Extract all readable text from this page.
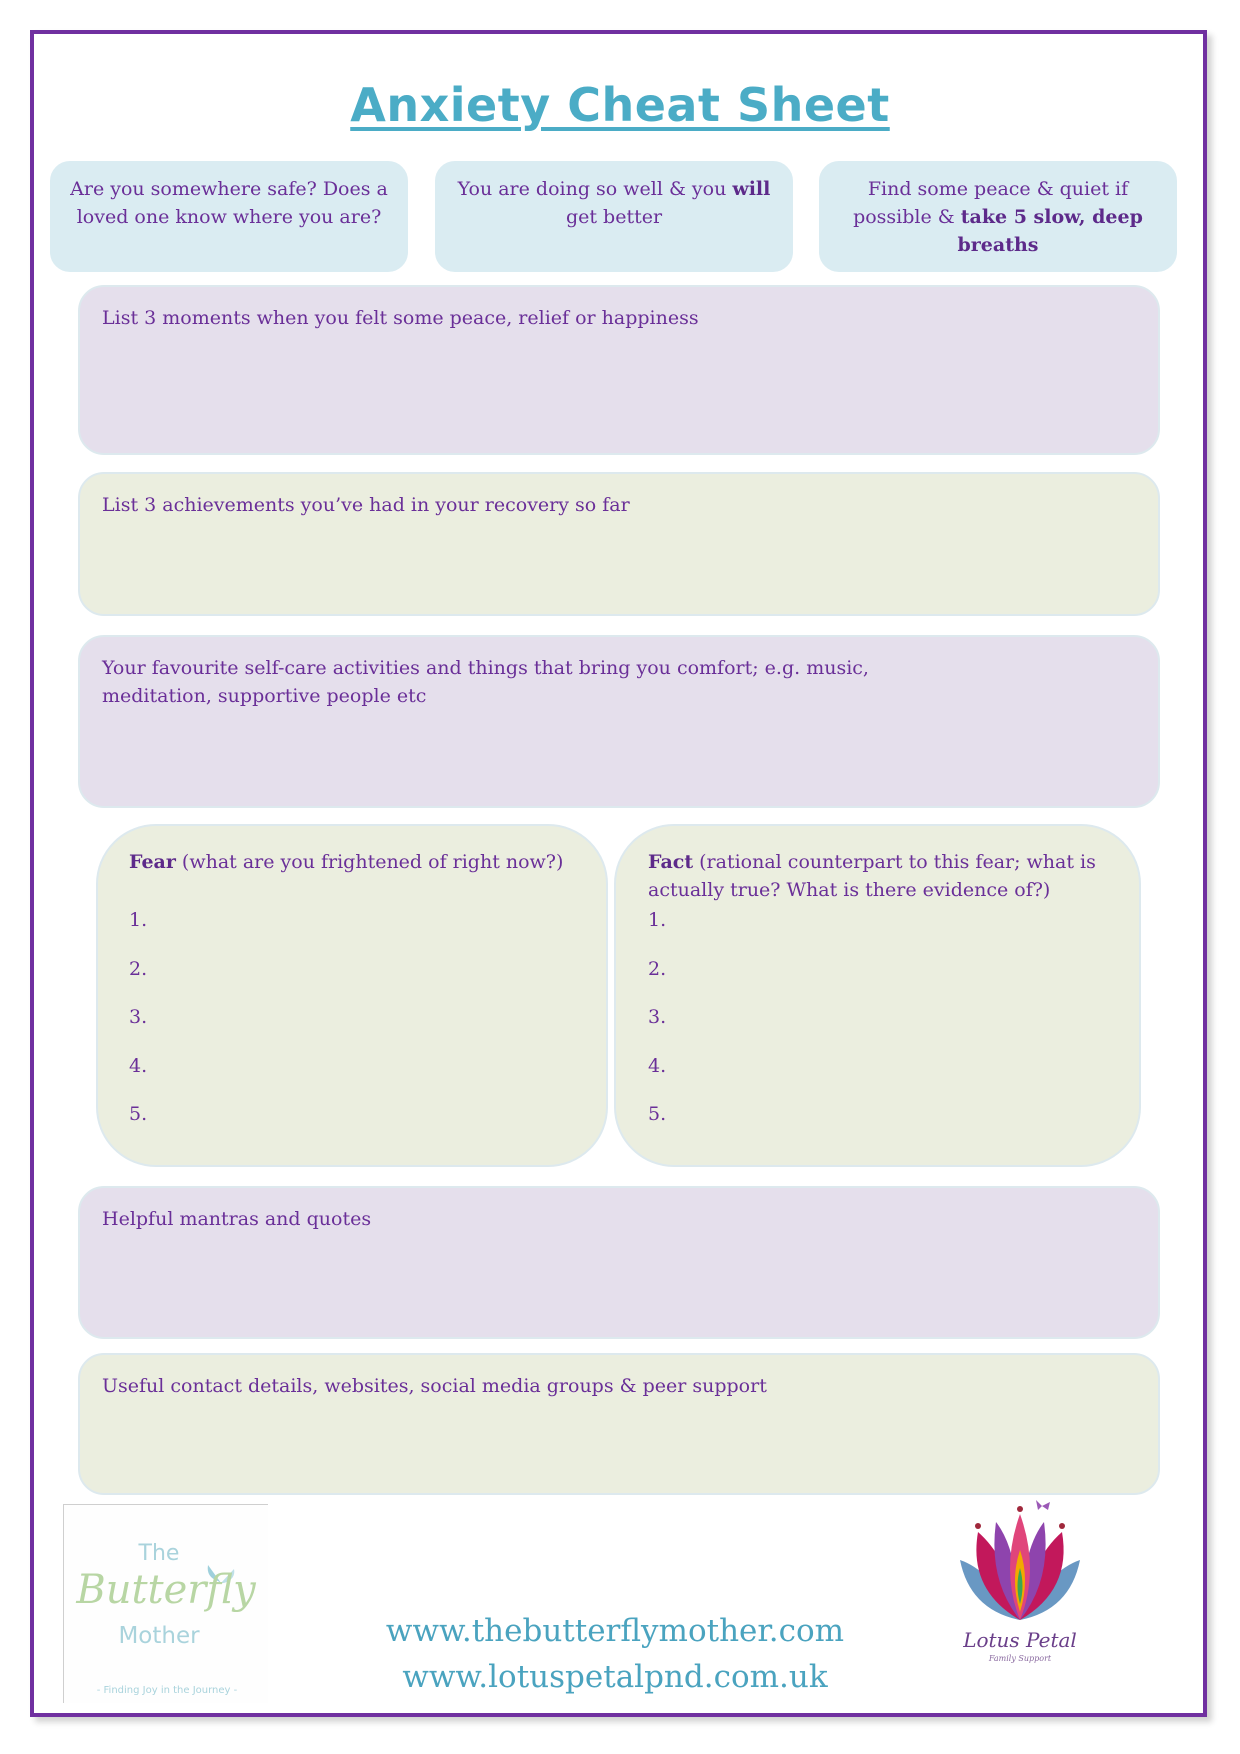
Anxiety Cheat Sheet
Are you somewhere safe? Does a loved one know where you are?
You are doing so well & you will get better
Find some peace & quiet if possible & take 5 slow, deep breaths

List 3 moments when you felt some peace, relief or happiness

List 3 achievements you’ve had in your recovery so far

Your favourite self-care activities and things that bring you comfort; e.g. music, meditation, supportive people etc

Fear (what are you frightened of right now?)

1.
2.
3.
4.
5.

Fact (rational counterpart to this fear; what is actually true? What is there evidence of?)

1.
2.
3.
4.
5.

Helpful mantras and quotes

Useful contact details, websites, social media groups & peer support

The
Butterfly
Mother
- Finding Joy in the Journey -
www.thebutterflymother.com
www.lotuspetalpnd.com.uk
Lotus Petal
Family Support
